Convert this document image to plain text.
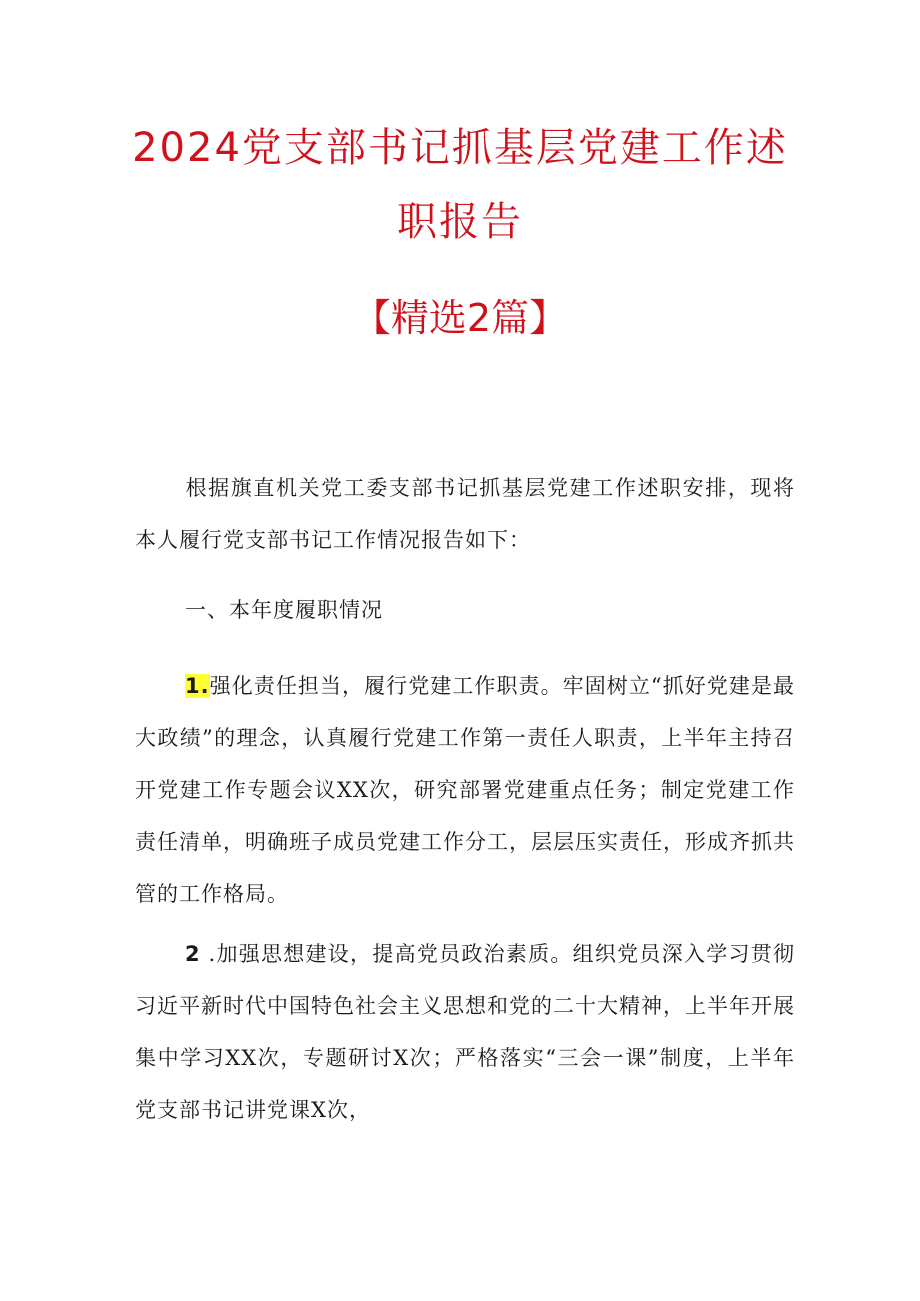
2024党支部书记抓基层党建工作述
职报告
【精选2篇】

根据旗直机关党工委支部书记抓基层党建工作述职安排，现将本人履行党支部书记工作情况报告如下：

一、本年度履职情况

1.强化责任担当，履行党建工作职责。牢固树立“抓好党建是最大政绩”的理念，认真履行党建工作第一责任人职责，上半年主持召开党建工作专题会议XX次，研究部署党建重点任务；制定党建工作责任清单，明确班子成员党建工作分工，层层压实责任，形成齐抓共管的工作格局。

2 .加强思想建设，提高党员政治素质。组织党员深入学习贯彻习近平新时代中国特色社会主义思想和党的二十大精神，上半年开展集中学习XX次，专题研讨X次；严格落实“三会一课”制度，上半年党支部书记讲党课X次，
